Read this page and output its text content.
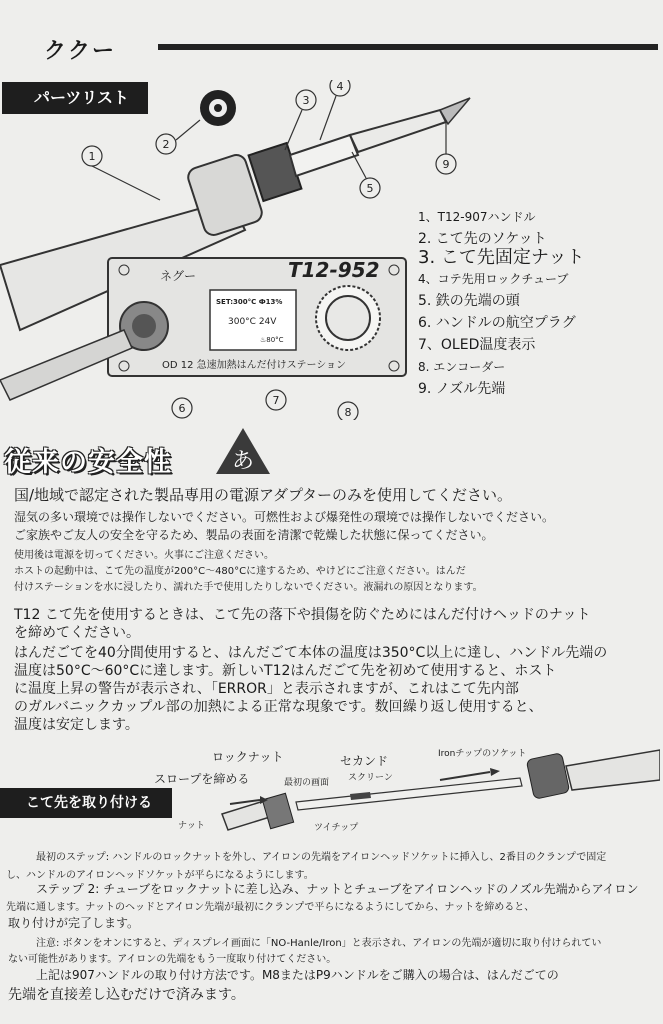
ククー
パーツリスト
1
2
3
4
5
9
6
7
8
T12-952
ネグー
SET:300°C Ф13%
300°C 24V
♨80°C
OD 12 急速加熱はんだ付けステーション
1、T12-907ハンドル
2. こて先のソケット
3. こて先固定ナット
4、コテ先用ロックチューブ
5. 鉄の先端の頭
6. ハンドルの航空プラグ
7、OLED温度表示
8. エンコーダー
9. ノズル先端
従来の安全性	あ

国/地域で認定された製品専用の電源アダプターのみを使用してください。

湿気の多い環境では操作しないでください。可燃性および爆発性の環境では操作しないでください。

ご家族やご友人の安全を守るため、製品の表面を清潔で乾燥した状態に保ってください。

使用後は電源を切ってください。火事にご注意ください。

ホストの起動中は、こて先の温度が200°C～480°Cに達するため、やけどにご注意ください。はんだ

付けステーションを水に浸したり、濡れた手で使用したりしないでください。液漏れの原因となります。

T12 こて先を使用するときは、こて先の落下や損傷を防ぐためにはんだ付けヘッドのナット

を締めてください。

はんだごてを40分間使用すると、はんだごて本体の温度は350°C以上に達し、ハンドル先端の

温度は50°C～60°Cに達します。新しいT12はんだごて先を初めて使用すると、ホスト

に温度上昇の警告が表示され、「ERROR」と表示されますが、これはこて先内部

のガルバニックカップル部の加熱による正常な現象です。数回繰り返し使用すると、

温度は安定します。

ロックナット
スロープを締める	最初の画面
セカンド
スクリーン
Ironチップのソケット
ナット	ツイチップ
こて先を取り付ける

最初のステップ: ハンドルのロックナットを外し、アイロンの先端をアイロンヘッドソケットに挿入し、2番目のクランプで固定

し、ハンドルのアイロンヘッドソケットが平らになるようにします。

ステップ 2: チューブをロックナットに差し込み、ナットとチューブをアイロンヘッドのノズル先端からアイロン

先端に通します。ナットのヘッドとアイロン先端が最初にクランプで平らになるようにしてから、ナットを締めると、

取り付けが完了します。

注意: ボタンをオンにすると、ディスプレイ画面に「NO-Hanle/Iron」と表示され、アイロンの先端が適切に取り付けられてい

ない可能性があります。アイロンの先端をもう一度取り付けてください。

上記は907ハンドルの取り付け方法です。M8またはP9ハンドルをご購入の場合は、はんだごての

先端を直接差し込むだけで済みます。
